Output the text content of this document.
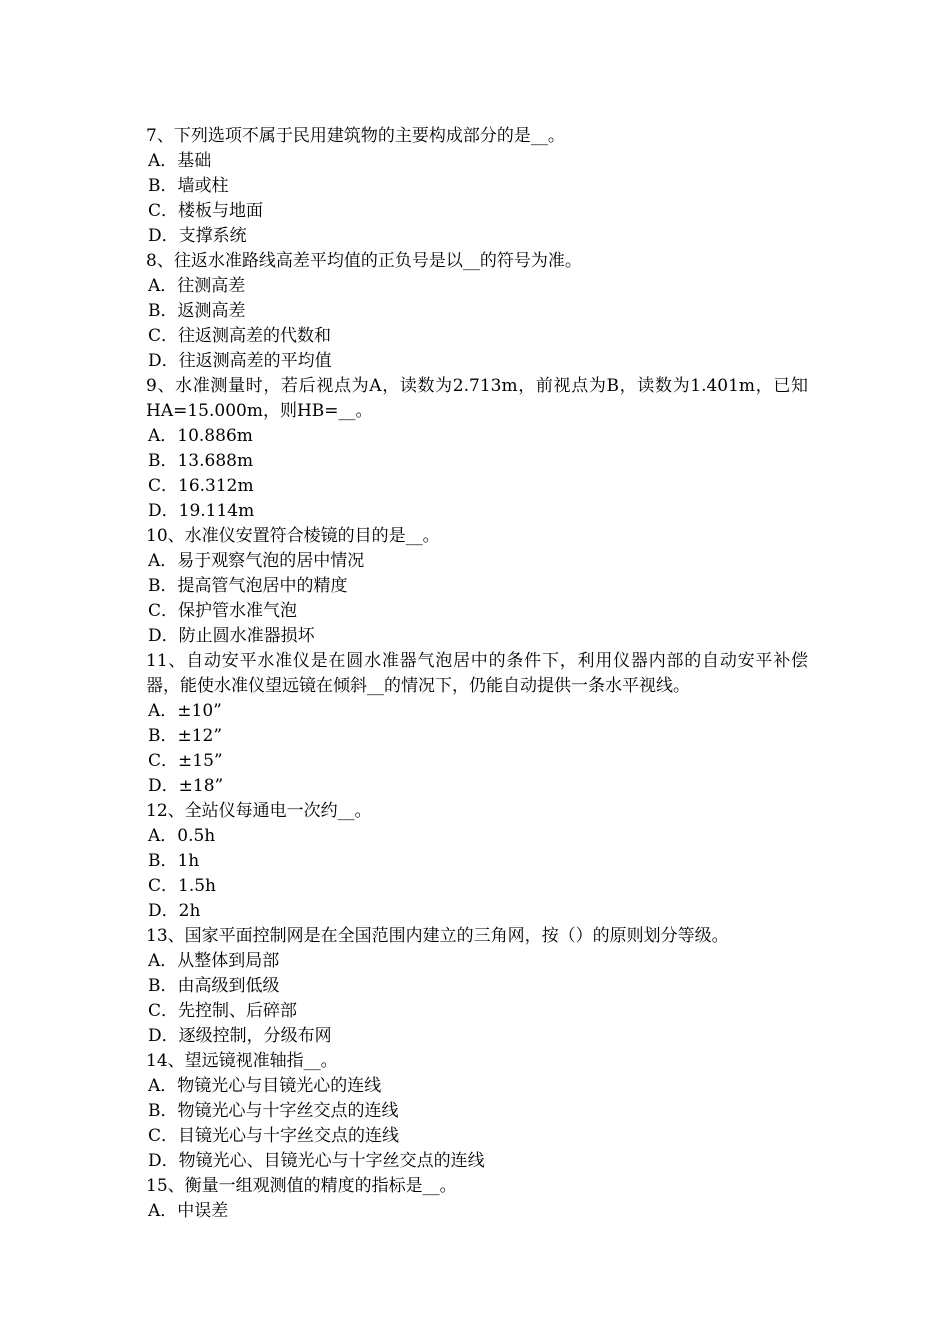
7、下列选项不属于民用建筑物的主要构成部分的是__。
A．基础
B．墙或柱
C．楼板与地面
D．支撑系统
8、往返水准路线高差平均值的正负号是以__的符号为准。
A．往测高差
B．返测高差
C．往返测高差的代数和
D．往返测高差的平均值
9、水准测量时，若后视点为A，读数为2.713m，前视点为B，读数为1.401m，已知HA=15.000m，则HB=__。
A．10.886m
B．13.688m
C．16.312m
D．19.114m
10、水准仪安置符合棱镜的目的是__。
A．易于观察气泡的居中情况
B．提高管气泡居中的精度
C．保护管水准气泡
D．防止圆水准器损坏
11、自动安平水准仪是在圆水准器气泡居中的条件下，利用仪器内部的自动安平补偿器，能使水准仪望远镜在倾斜__的情况下，仍能自动提供一条水平视线。
A．±10”
B．±12”
C．±15”
D．±18”
12、全站仪每通电一次约__。
A．0.5h
B．1h
C．1.5h
D．2h
13、国家平面控制网是在全国范围内建立的三角网，按（）的原则划分等级。
A．从整体到局部
B．由高级到低级
C．先控制、后碎部
D．逐级控制，分级布网
14、望远镜视准轴指__。
A．物镜光心与目镜光心的连线
B．物镜光心与十字丝交点的连线
C．目镜光心与十字丝交点的连线
D．物镜光心、目镜光心与十字丝交点的连线
15、衡量一组观测值的精度的指标是__。
A．中误差
